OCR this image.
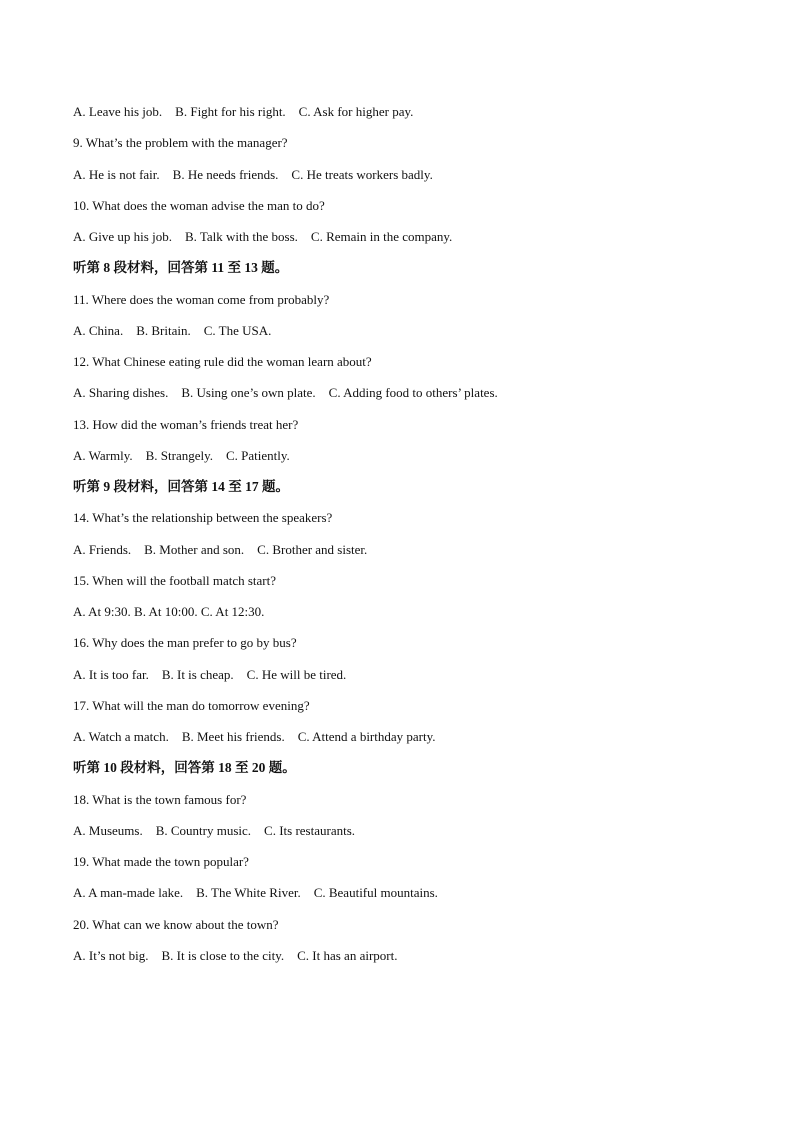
A. Leave his job.    B. Fight for his right.    C. Ask for higher pay.
9. What’s the problem with the manager?
A. He is not fair.    B. He needs friends.    C. He treats workers badly.
10. What does the woman advise the man to do?
A. Give up his job.    B. Talk with the boss.    C. Remain in the company.
听第 8 段材料，回答第 11 至 13 题。
11. Where does the woman come from probably?
A. China.    B. Britain.    C. The USA.
12. What Chinese eating rule did the woman learn about?
A. Sharing dishes.    B. Using one’s own plate.    C. Adding food to others’ plates.
13. How did the woman’s friends treat her?
A. Warmly.    B. Strangely.    C. Patiently.
听第 9 段材料，回答第 14 至 17 题。
14. What’s the relationship between the speakers?
A. Friends.    B. Mother and son.    C. Brother and sister.
15. When will the football match start?
A. At 9:30. B. At 10:00. C. At 12:30.
16. Why does the man prefer to go by bus?
A. It is too far.    B. It is cheap.    C. He will be tired.
17. What will the man do tomorrow evening?
A. Watch a match.    B. Meet his friends.    C. Attend a birthday party.
听第 10 段材料，回答第 18 至 20 题。
18. What is the town famous for?
A. Museums.    B. Country music.    C. Its restaurants.
19. What made the town popular?
A. A man-made lake.    B. The White River.    C. Beautiful mountains.
20. What can we know about the town?
A. It’s not big.    B. It is close to the city.    C. It has an airport.
